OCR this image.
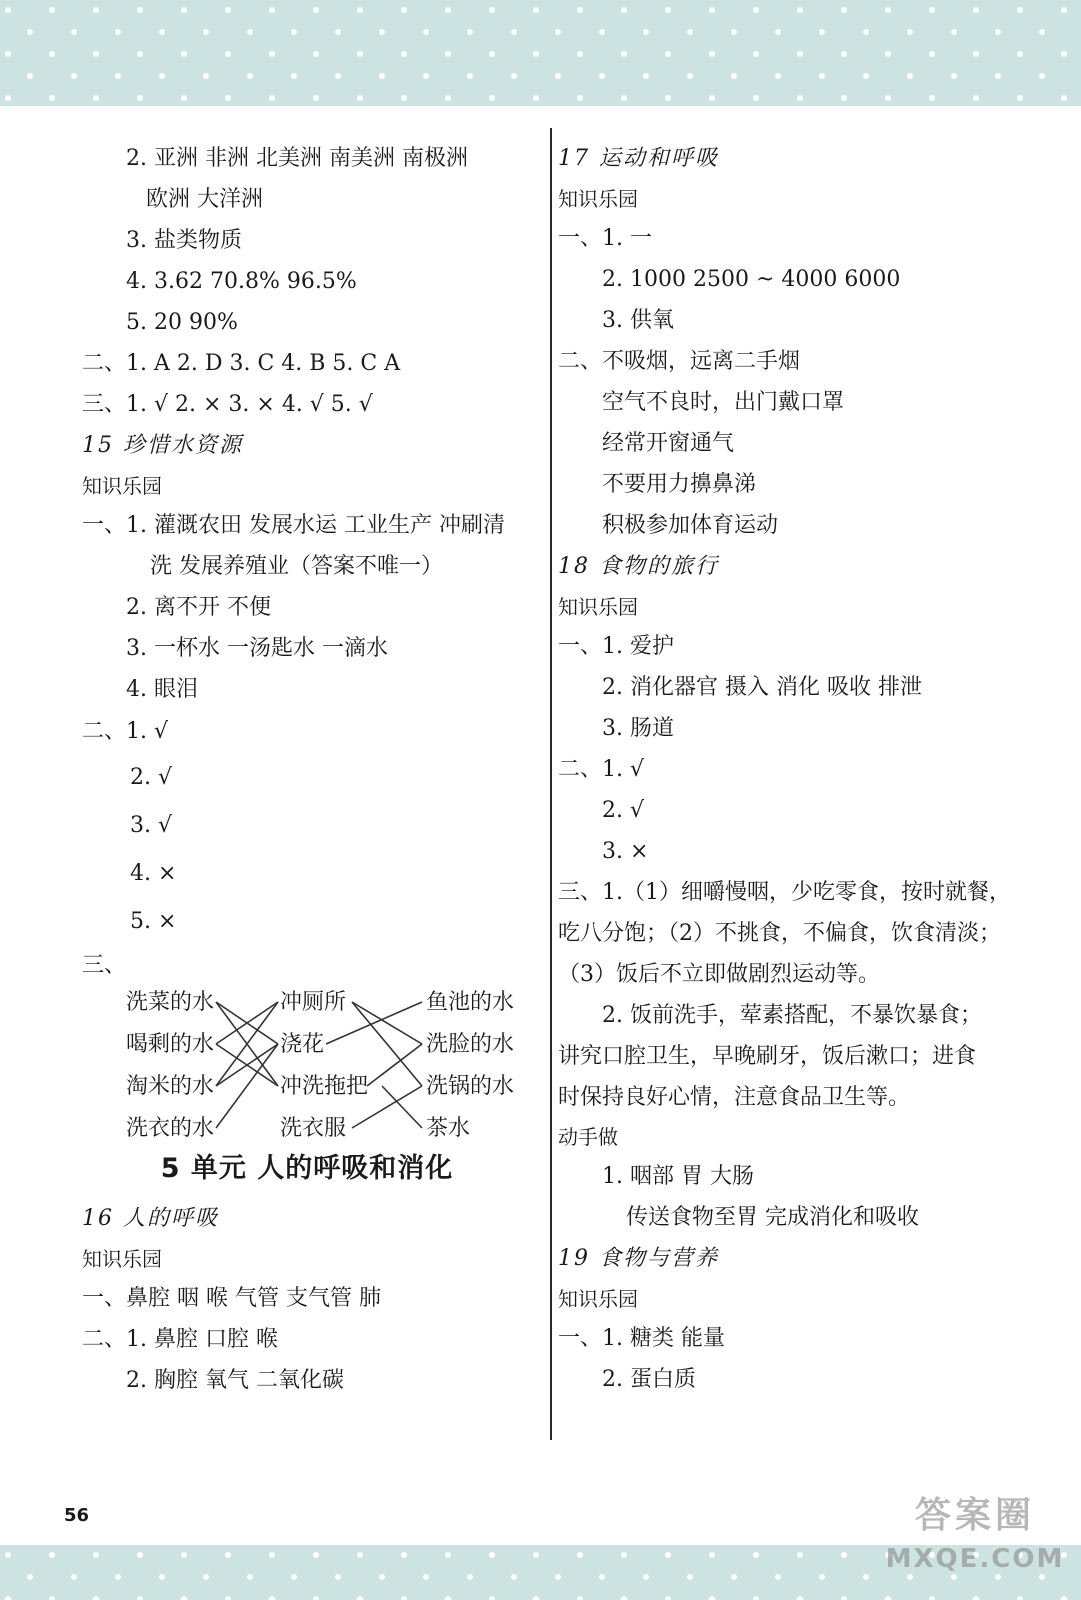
2. 亚洲 非洲 北美洲 南美洲 南极洲
欧洲 大洋洲
3. 盐类物质
4. 3.62 70.8% 96.5%
5. 20 90%
二、1. A 2. D 3. C 4. B 5. C A
三、1. √ 2. × 3. × 4. √ 5. √
15 珍惜水资源
知识乐园
一、1. 灌溉农田 发展水运 工业生产 冲刷清
洗 发展养殖业（答案不唯一）
2. 离不开 不便
3. 一杯水 一汤匙水 一滴水
4. 眼泪
二、1. √
2. √
3. √
4. ×
5. ×
三、
洗菜的水
喝剩的水
淘米的水
洗衣的水
冲厕所
浇花
冲洗拖把
洗衣服
鱼池的水
洗脸的水
洗锅的水
茶水
5 单元 人的呼吸和消化
16 人的呼吸
知识乐园
一、鼻腔 咽 喉 气管 支气管 肺
二、1. 鼻腔 口腔 喉
2. 胸腔 氧气 二氧化碳
17 运动和呼吸
知识乐园
一、1. 一
2. 1000 2500 ~ 4000 6000
3. 供氧
二、不吸烟，远离二手烟
空气不良时，出门戴口罩
经常开窗通气
不要用力擤鼻涕
积极参加体育运动
18 食物的旅行
知识乐园
一、1. 爱护
2. 消化器官 摄入 消化 吸收 排泄
3. 肠道
二、1. √
2. √
3. ×
三、1.（1）细嚼慢咽，少吃零食，按时就餐，
吃八分饱；（2）不挑食，不偏食，饮食清淡；
（3）饭后不立即做剧烈运动等。
2. 饭前洗手，荤素搭配，不暴饮暴食；
讲究口腔卫生，早晚刷牙，饭后漱口；进食
时保持良好心情，注意食品卫生等。
动手做
1. 咽部 胃 大肠
传送食物至胃 完成消化和吸收
19 食物与营养
知识乐园
一、1. 糖类 能量
2. 蛋白质
56	答案圈
MXQE.COM
